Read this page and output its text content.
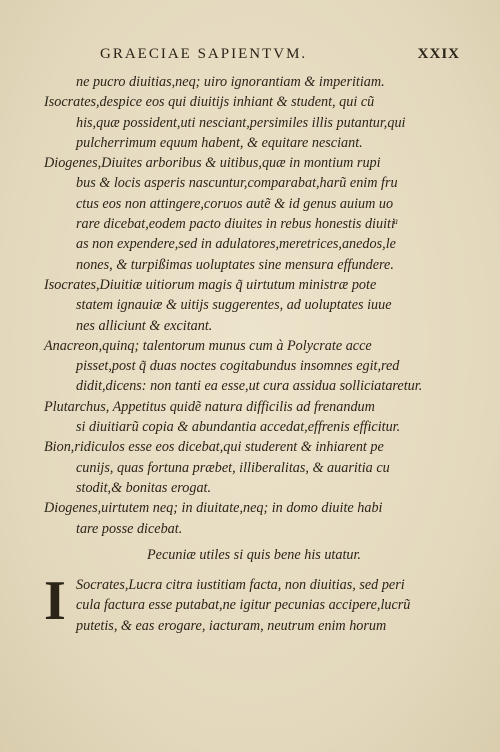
GRAECIAE SAPIENTVM.	XXIX
ne pucro diuitias,neq; uiro ignorantiam & imperitiam.
Isocrates,despice eos qui diuitijs inhiant & student, qui cũ
his,quæ possident,uti nesciant,persimiles illis putantur,qui
pulcherrimum equum habent, & equitare nesciant.
Diogenes,Diuites arboribus & uitibus,quæ in montium rupi
bus & locis asperis nascuntur,comparabat,harũ enim fru
ctus eos non attingere,coruos autẽ & id genus auium uo
rare dicebat,eodem pacto diuites in rebus honestis diuitiͣ
as non expendere,sed in adulatores,meretrices,anedos,le
nones, & turpißimas uoluptates sine mensura effundere.
Isocrates,Diuitiæ uitiorum magis q̃ uirtutum ministræ pote
statem ignauiæ & uitijs suggerentes, ad uoluptates iuue
nes alliciunt & excitant.
Anacreon,quinq; talentorum munus cum à Polycrate acce
pisset,post q̃ duas noctes cogitabundus insomnes egit,red
didit,dicens: non tanti ea esse,ut cura assidua solliciataretur.
Plutarchus, Appetitus quidẽ natura difficilis ad frenandum
si diuitiarũ copia & abundantia accedat,effrenis efficitur.
Bion,ridiculos esse eos dicebat,qui studerent & inhiarent pe
cunijs, quas fortuna præbet, illiberalitas, & auaritia cu
stodit,& bonitas erogat.
Diogenes,uirtutem neq; in diuitate,neq; in domo diuite habi
tare posse dicebat.
Pecuniæ utiles si quis bene his utatur.
I Socrates,Lucra citra iustitiam facta, non diuitias, sed peri
cula factura esse putabat,ne igitur pecunias accipere,lucrũ
putetis, & eas erogare, iacturam, neutrum enim horum
